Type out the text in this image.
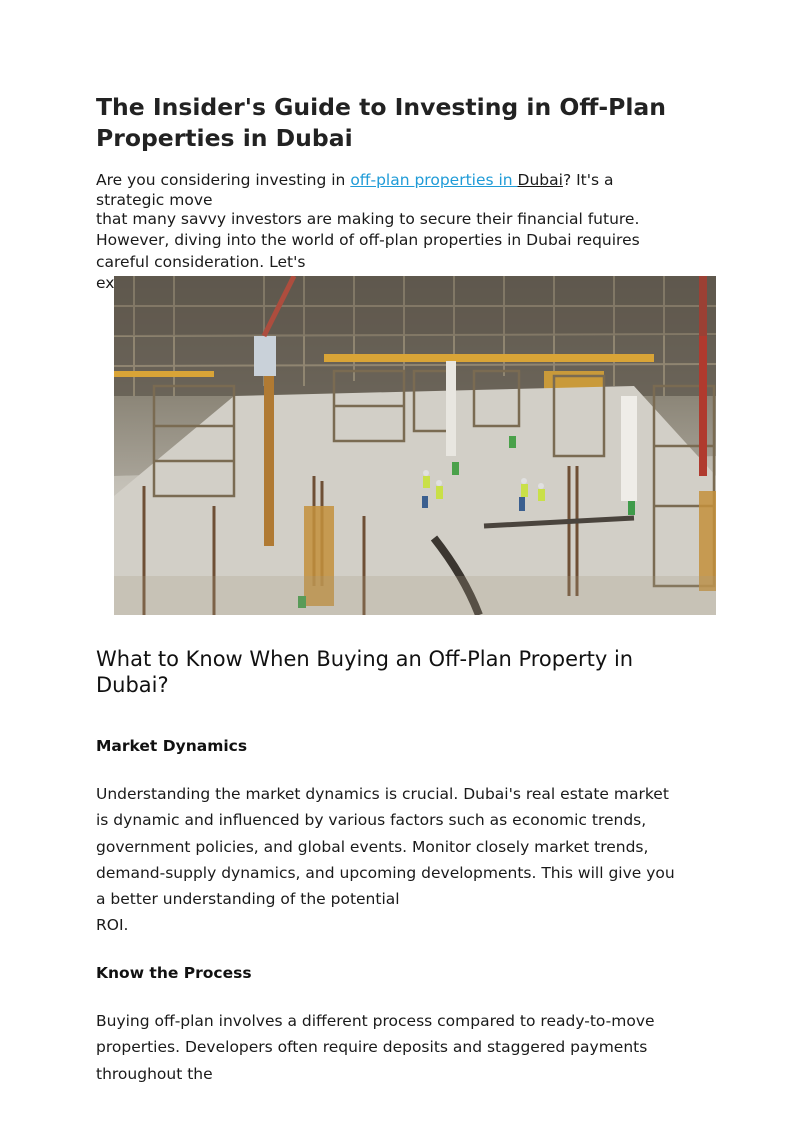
The Insider's Guide to Investing in Off-Plan Properties in Dubai
Are you considering investing in off-plan properties in Dubai? It's a
strategic move
that many savvy investors are making to secure their financial future.
However, diving into the world of off-plan properties in Dubai requires
careful consideration. Let's
ex
What to Know When Buying an Off-Plan Property in Dubai?
Market Dynamics
Understanding the market dynamics is crucial. Dubai's real estate market
is dynamic and influenced by various factors such as economic trends,
government policies, and global events. Monitor closely market trends,
demand-supply dynamics, and upcoming developments. This will give you
a better understanding of the potential
ROI.
Know the Process
Buying off-plan involves a different process compared to ready-to-move
properties. Developers often require deposits and staggered payments
throughout the
